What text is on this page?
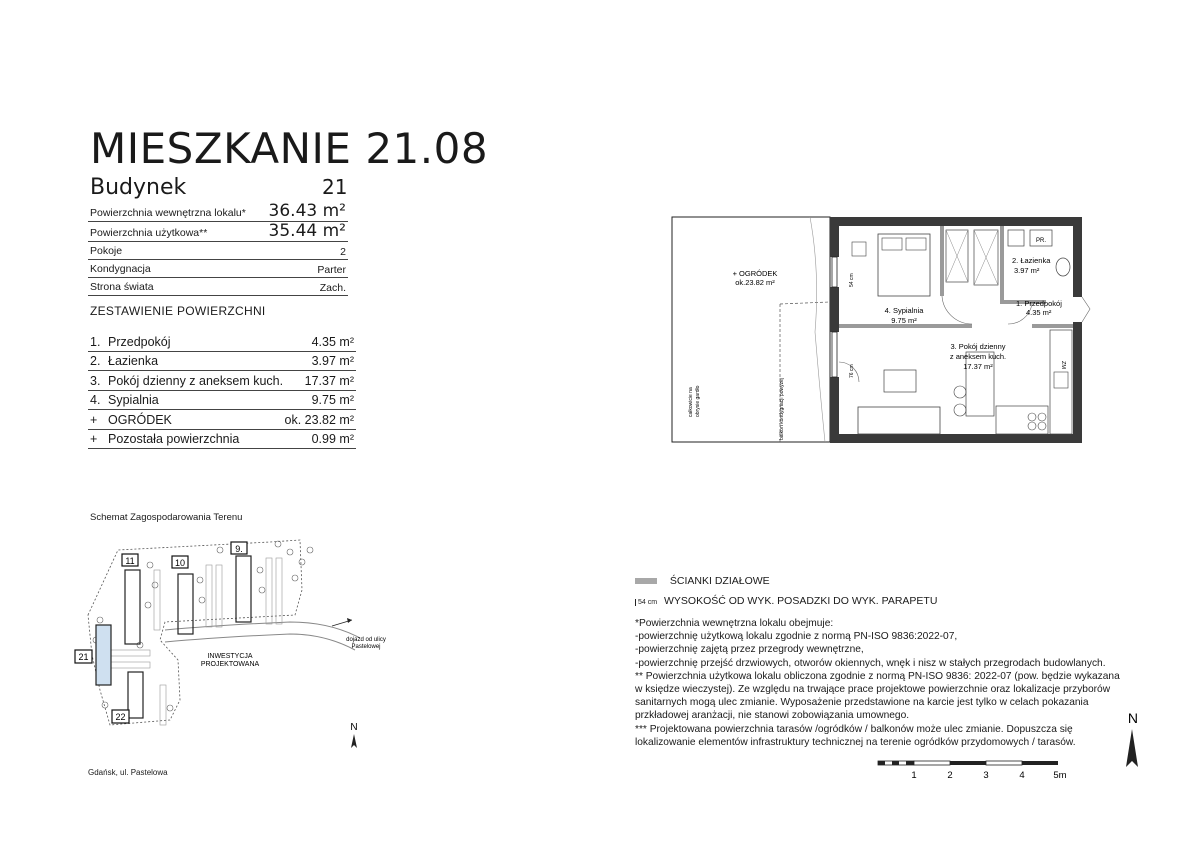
MIESZKANIE 21.08
Budynek	21
Powierzchnia wewnętrzna lokalu* 36.43 m²
Powierzchnia użytkowa**	35.44 m²
Pokoje	2
Kondygnacja	Parter
Strona świata	Zach.
ZESTAWIENIE POWIERZCHNI
1. Przedpokój	4.35 m²
2. Łazienka	3.97 m²
3. Pokój dzienny z aneksem kuch. 17.37 m²
4. Sypialnia	9.75 m²
+ OGRÓDEK	ok. 23.82 m²
+ Pozostała powierzchnia	0.99 m²
Schemat Zagospodarowania Terenu
11	10
9.
21
22
INWESTYCJA
PROJEKTOWANA
dojazd od ulicy
Pastelowej
N
Gdańsk, ul. Pastelowa
+ OGRÓDEK
ok.23.82 m²
całkowicie na obrysie gardło	balkon kondygnacji powyżej
PR.
ZM
2. Łazienka
3.97 m²
1. Przedpokój
4.35 m²
4. Sypialnia
9.75 m²
3. Pokój dzienny
z aneksem kuch.
17.37 m²
54 cm
76 cm
ŚCIANKI DZIAŁOWE
54 cm WYSOKOŚĆ OD WYK. POSADZKI DO WYK. PARAPETU
*Powierzchnia wewnętrzna lokalu obejmuje:
-powierzchnię użytkową lokalu zgodnie z normą PN-ISO 9836:2022-07,
-powierzchnię zajętą przez przegrody wewnętrzne,
-powierzchnię przejść drzwiowych, otworów okiennych, wnęk i nisz w stałych przegrodach budowlanych.
** Powierzchnia użytkowa lokalu obliczona zgodnie z normą PN-ISO 9836: 2022-07 (pow. będzie wykazana
w księdze wieczystej). Ze względu na trwające prace projektowe powierzchnie oraz lokalizacje przyborów
sanitarnych mogą ulec zmianie. Wyposażenie przedstawione na karcie jest tylko w celach pokazania
przkładowej aranżacji, nie stanowi zobowiązania umownego.
*** Projektowana powierzchnia tarasów /ogródków / balkonów może ulec zmianie. Dopuszcza się
lokalizowanie elementów infrastruktury technicznej na terenie ogródków przydomowych / tarasów.
1	2	3	4	5m
N
